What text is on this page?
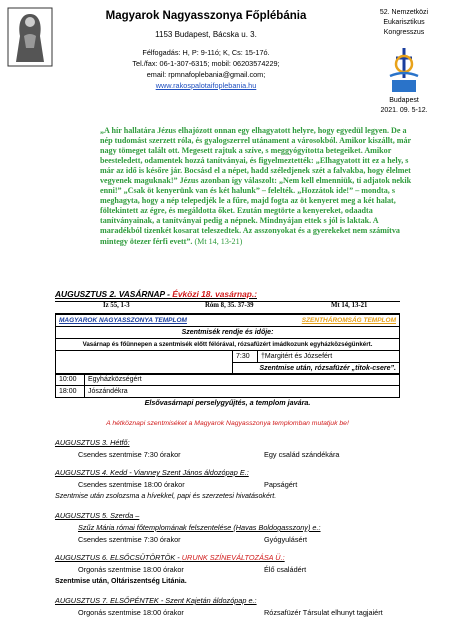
Magyarok Nagyasszonya Főplébánia
1153 Budapest, Bácska u. 3.
Félfogadás: H, P: 9-11ó; K, Cs: 15-17ó.
Tel./fax: 06-1-307-6315; mobil: 06203574229;
email: rpmnafoplebania@gmail.com;
www.rakospalotaifoplebania.hu
52. Nemzetközi
Eukarisztikus
Kongresszus
Budapest
2021. 09. 5-12.
„A hír hallatára Jézus elhajózott onnan egy elhagyatott helyre, hogy egyedül legyen. De a nép tudomást szerzett róla, és gyalogszerrel utánament a városokból. Amikor kiszállt, már nagy tömeget talált ott. Megesett rajtuk a szíve, s meggyógyította betegeiket. Amikor beesteledett, odamentek hozzá tanítványai, és figyelmeztették: „Elhagyatott itt ez a hely, s már az idő is későre jár. Bocsásd el a népet, hadd széledjenek szét a falvakba, hogy élelmet vegyenek maguknak!” Jézus azonban így válaszolt: „Nem kell elmenniük, ti adjatok nekik enni!” „Csak öt kenyerünk van és két halunk” – felelték. „Hozzátok ide!” – mondta, s meghagyta, hogy a nép telepedjék le a fűre, majd fogta az öt kenyeret meg a két halat, föltekintett az égre, és megáldotta őket. Ezután megtörte a kenyereket, odaadta tanítványainak, a tanítványai pedig a népnek. Mindnyájan ettek s jól is laktak. A maradékból tizenkét kosarat teleszedtek. Az asszonyokat és a gyerekeket nem számítva mintegy ötezer férfi evett”. (Mt 14, 13-21)
AUGUSZTUS 2. VASÁRNAP - Évközi 18. vasárnap.:
Iz 55, 1-3	Róm 8, 35. 37-39	Mt 14, 13-21
MAGYAROK NAGYASSZONYA TEMPLOM	SZENTHÁROMSÁG TEMPLOM	
Szentmisék rendje és idője:		
Vasárnap és főünnepen a szentmisék előtt félórával, rózsafüzért imádkozunk egyházközségünkért.		
	7:30	†Margitért és Józsefért
	Szentmise után, rózsafüzér „titok-csere”.	
10:00	Egyházközségért
18:00	Jószándékra
Elsővasárnapi perselygyűjtés, a templom javára.
A hétköznapi szentmiséket a Magyarok Nagyasszonya templomban mutatjuk be!
AUGUSZTUS 3. Hétfő:
Csendes szentmise 7:30 órakor	Egy család szándékára
AUGUSZTUS 4. Kedd - Vianney Szent János áldozópap E.:
Csendes szentmise 18:00 órakor	Papságért
Szentmise után zsolozsma a hívekkel, papi és szerzetesi hivatásokért.
AUGUSZTUS 5. Szerda –
Szűz Mária római főtemplomának felszentelése (Havas Boldogasszony) e.:
Csendes szentmise 7:30 órakor	Gyógyulásért
AUGUSZTUS 6. ELSŐCSÜTÖRTÖK - URUNK SZÍNEVÁLTOZÁSA Ü.:
Orgonás szentmise 18:00 órakor	Élő családért
Szentmise után, Oltáriszentség Litánia.
AUGUSZTUS 7. ELSŐPÉNTEK - Szent Kajetán áldozópap e.:
Orgonás szentmise 18:00 órakor	Rózsafüzér Társulat elhunyt tagjaiért
